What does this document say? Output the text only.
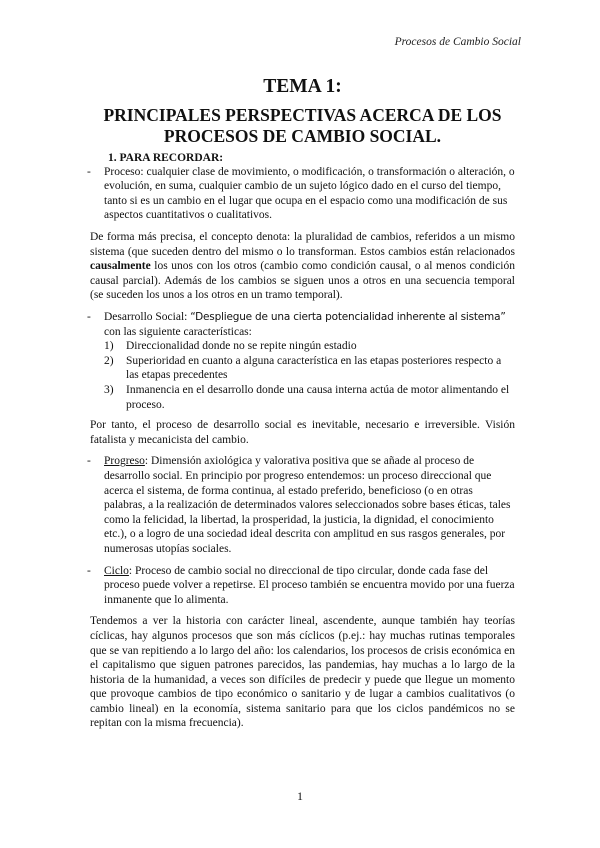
Procesos de Cambio Social
TEMA 1:
PRINCIPALES PERSPECTIVAS ACERCA DE LOS PROCESOS DE CAMBIO SOCIAL.
1. PARA RECORDAR:
- Proceso: cualquier clase de movimiento, o modificación, o transformación o alteración, o evolución, en suma, cualquier cambio de un sujeto lógico dado en el curso del tiempo, tanto si es un cambio en el lugar que ocupa en el espacio como una modificación de sus aspectos cuantitativos o cualitativos.

De forma más precisa, el concepto denota: la pluralidad de cambios, referidos a un mismo sistema (que suceden dentro del mismo o lo transforman. Estos cambios están relacionados causalmente los unos con los otros (cambio como condición causal, o al menos condición causal parcial). Además de los cambios se siguen unos a otros en una secuencia temporal (se suceden los unos a los otros en un tramo temporal).

- Desarrollo Social: “Despliegue de una cierta potencialidad inherente al sistema” con las siguiente características:
1) Direccionalidad donde no se repite ningún estadio
2) Superioridad en cuanto a alguna característica en las etapas posteriores respecto a las etapas precedentes
3) Inmanencia en el desarrollo donde una causa interna actúa de motor alimentando el proceso.

Por tanto, el proceso de desarrollo social es inevitable, necesario e irreversible. Visión fatalista y mecanicista del cambio.

- Progreso: Dimensión axiológica y valorativa positiva que se añade al proceso de desarrollo social. En principio por progreso entendemos: un proceso direccional que acerca el sistema, de forma continua, al estado preferido, beneficioso (o en otras palabras, a la realización de determinados valores seleccionados sobre bases éticas, tales como la felicidad, la libertad, la prosperidad, la justicia, la dignidad, el conocimiento etc.), o a logro de una sociedad ideal descrita con amplitud en sus rasgos generales, por numerosas utopías sociales.
- Ciclo: Proceso de cambio social no direccional de tipo circular, donde cada fase del proceso puede volver a repetirse. El proceso también se encuentra movido por una fuerza inmanente que lo alimenta.

Tendemos a ver la historia con carácter lineal, ascendente, aunque también hay teorías cíclicas, hay algunos procesos que son más cíclicos (p.ej.: hay muchas rutinas temporales que se van repitiendo a lo largo del año: los calendarios, los procesos de crisis económica en el capitalismo que siguen patrones parecidos, las pandemias, hay muchas a lo largo de la historia de la humanidad, a veces son difíciles de predecir y puede que llegue un momento que provoque cambios de tipo económico o sanitario y de lugar a cambios cualitativos (o cambio lineal) en la economía, sistema sanitario para que los ciclos pandémicos no se repitan con la misma frecuencia).

1
